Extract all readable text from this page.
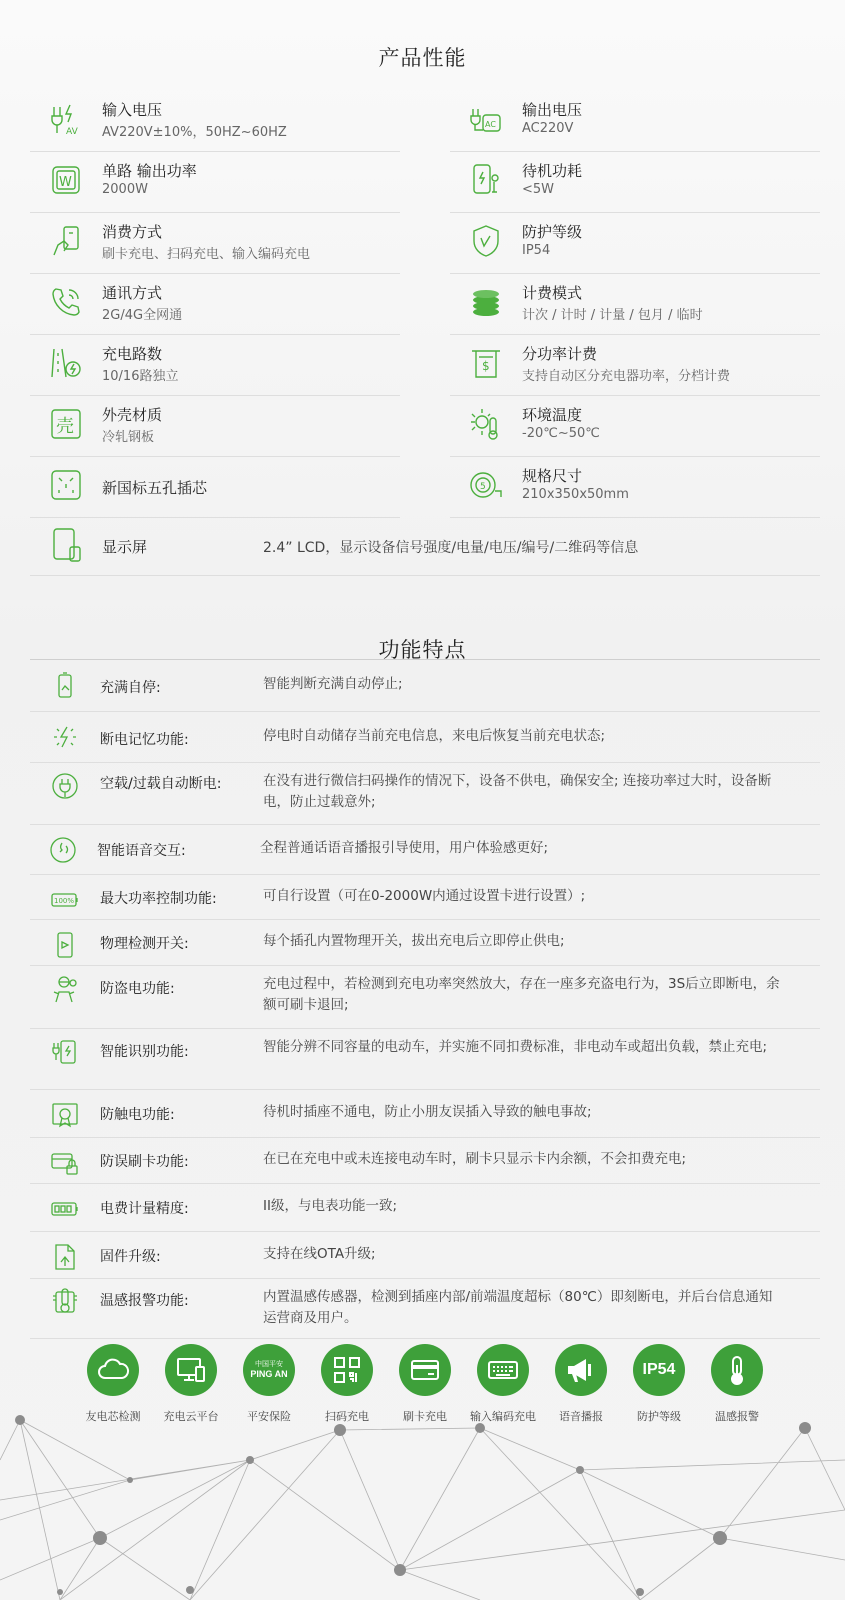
产品性能
AV
输入电压
AV220V±10%，50HZ~60HZ
AC
输出电压
AC220V
W
单路 输出功率
2000W
待机功耗
<5W
消费方式
刷卡充电、扫码充电、输入编码充电
防护等级
IP54
通讯方式
2G/4G全网通
计费模式
计次 / 计时 / 计量 / 包月 / 临时
充电路数
10/16路独立
$
分功率计费
支持自动区分充电器功率，分档计费
壳
外壳材质
冷轧钢板
环境温度
-20℃~50℃
新国标五孔插芯	5
规格尺寸
210x350x50mm
显示屏	2.4” LCD，显示设备信号强度/电量/电压/编号/二维码等信息
功能特点
充满自停:	智能判断充满自动停止;
断电记忆功能:	停电时自动储存当前充电信息，来电后恢复当前充电状态;
空载/过载自动断电:	在没有进行微信扫码操作的情况下，设备不供电，确保安全; 连接功率过大时，设备断电，防止过载意外;
智能语音交互:	全程普通话语音播报引导使用，用户体验感更好;
100% 最大功率控制功能:	可自行设置（可在0-2000W内通过设置卡进行设置）;
物理检测开关:	每个插孔内置物理开关，拔出充电后立即停止供电;
防盗电功能:	充电过程中，若检测到充电功率突然放大，存在一座多充盗电行为，3S后立即断电，余额可刷卡退回;
智能识别功能:	智能分辨不同容量的电动车，并实施不同扣费标准，非电动车或超出负载，禁止充电;
防触电功能:	待机时插座不通电，防止小朋友误插入导致的触电事故;
防误刷卡功能:	在已在充电中或未连接电动车时，刷卡只显示卡内余额，不会扣费充电;
电费计量精度:	II级，与电表功能一致;
固件升级:	支持在线OTA升级;
温感报警功能:	内置温感传感器，检测到插座内部/前端温度超标（80℃）即刻断电，并后台信息通知运营商及用户。
友电芯检测	充电云平台
中国平安
PING AN
平安保险	扫码充电	刷卡充电	输入编码充电	语音播报
IP54
防护等级	温感报警
